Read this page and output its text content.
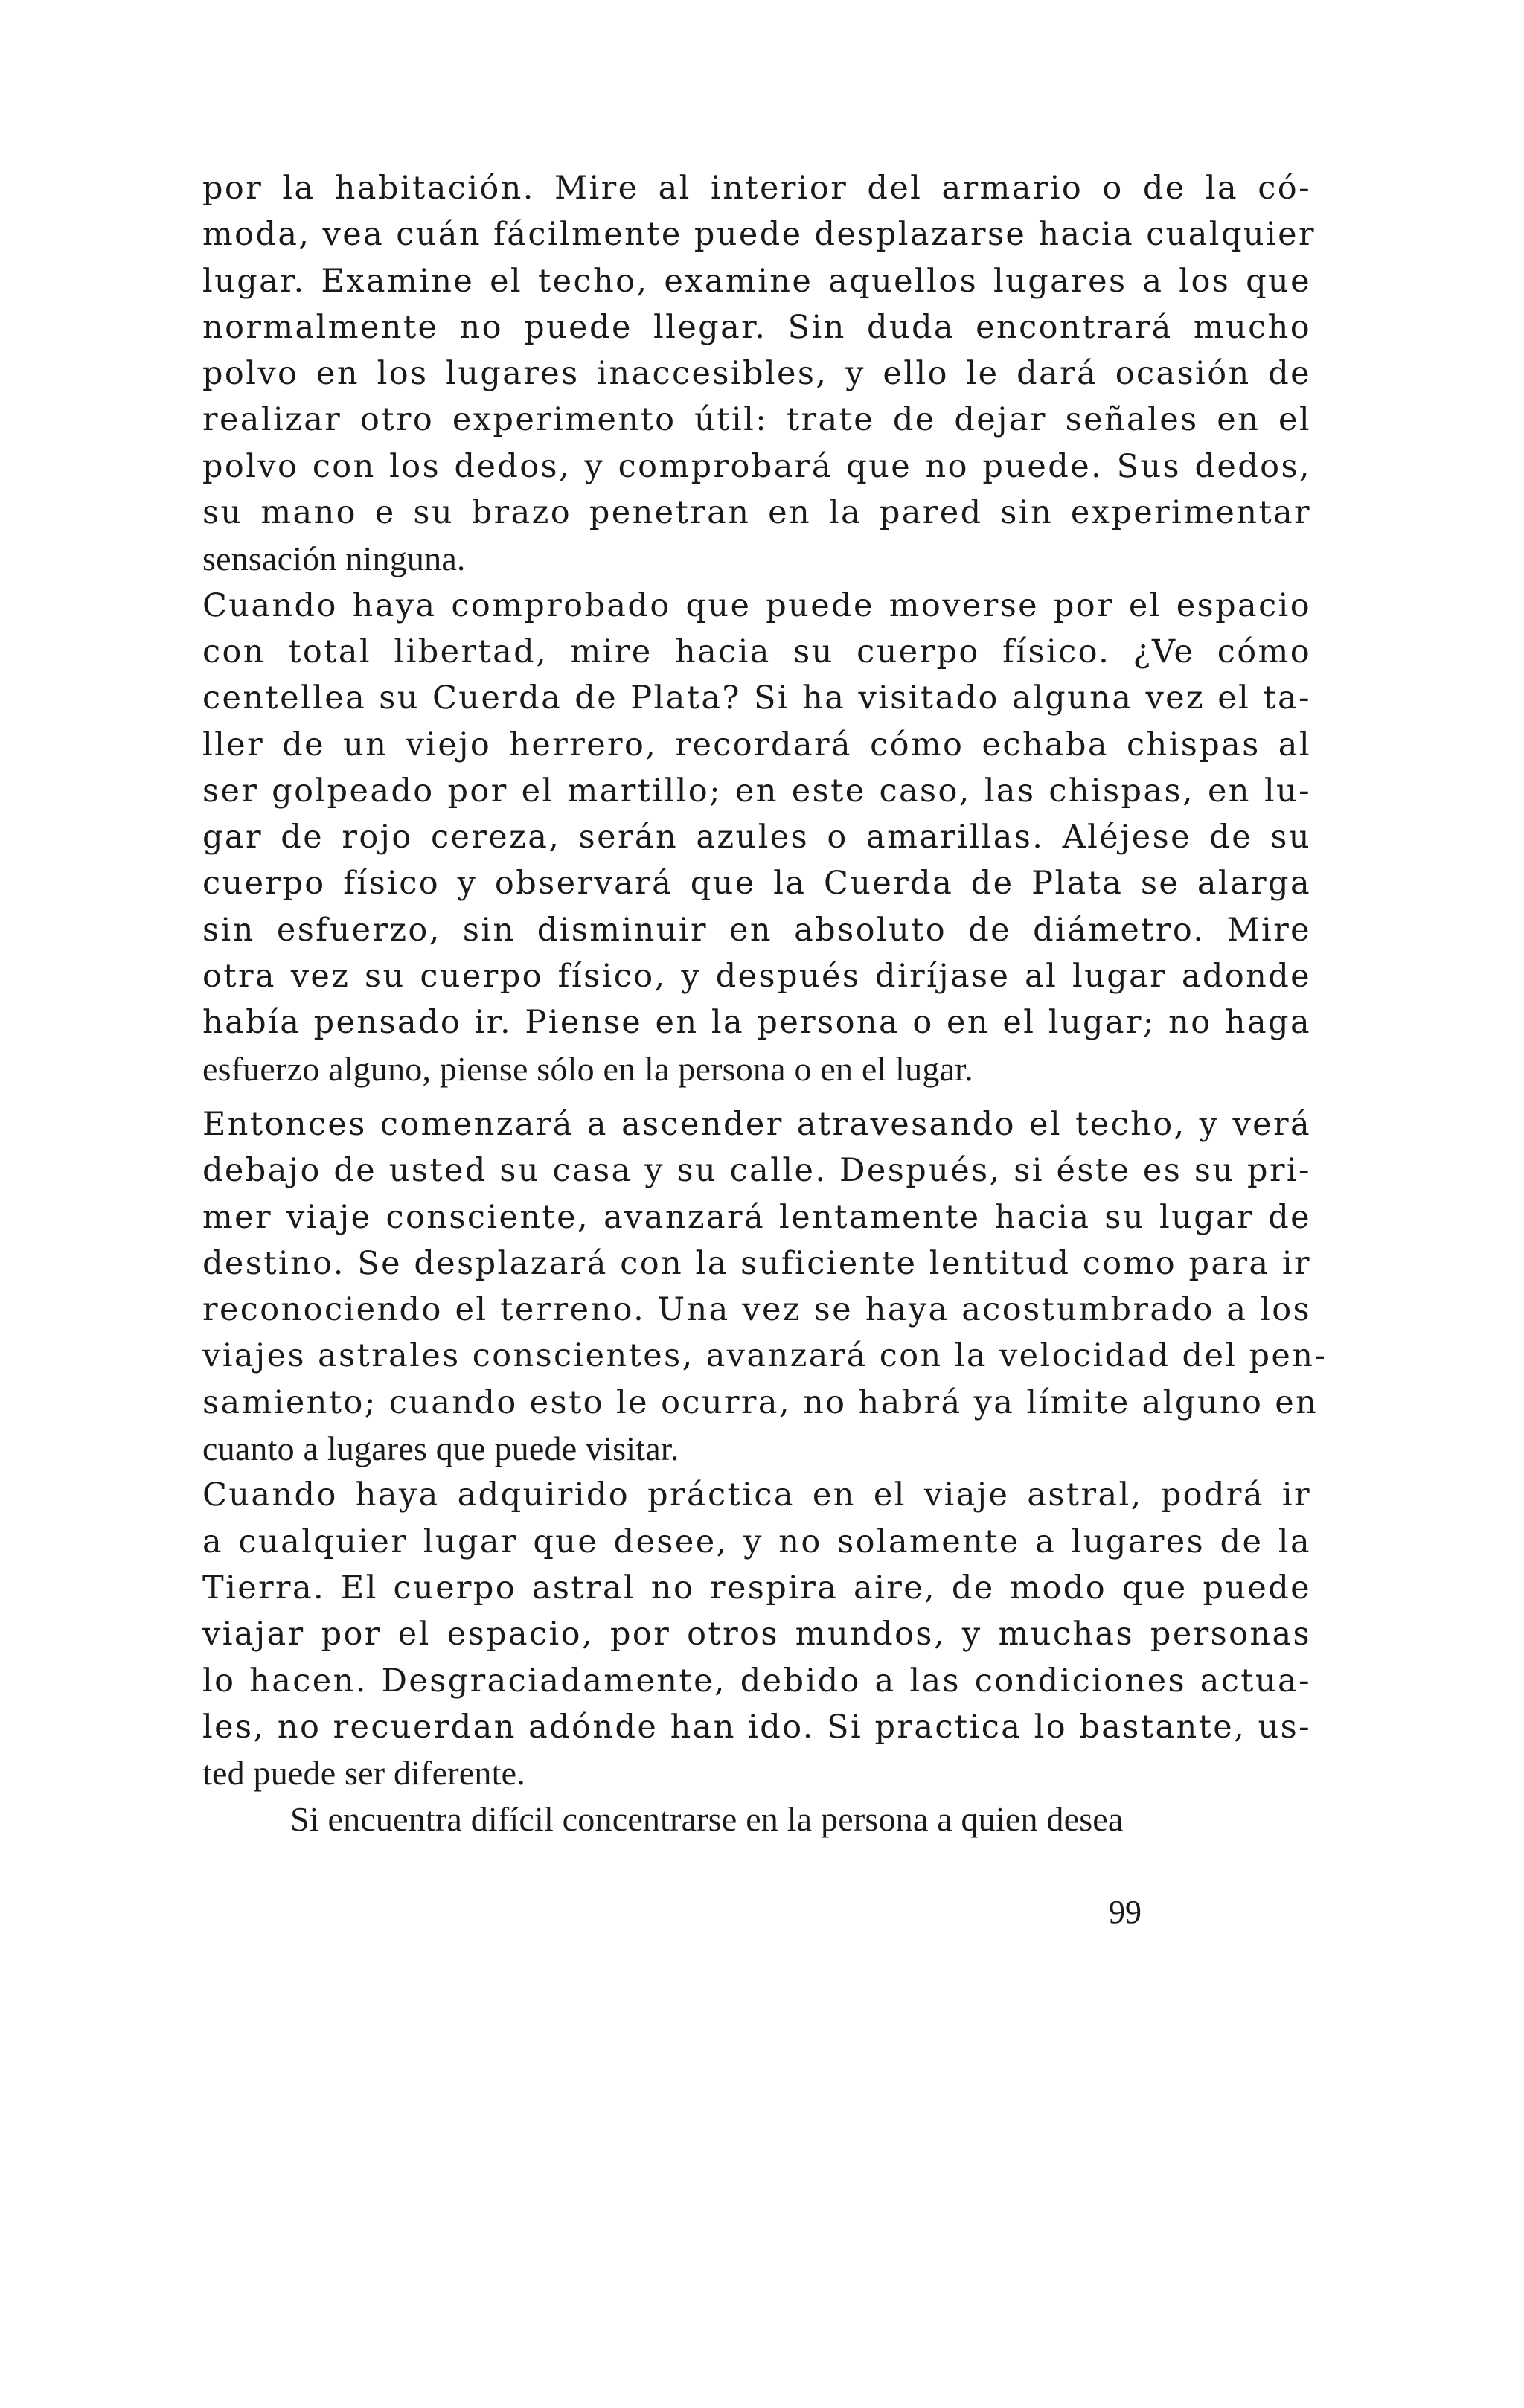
por la habitación. Mire al interior del armario o de la có-
moda, vea cuán fácilmente puede desplazarse hacia cualquier
lugar. Examine el techo, examine aquellos lugares a los que
normalmente no puede llegar. Sin duda encontrará mucho
polvo en los lugares inaccesibles, y ello le dará ocasión de
realizar otro experimento útil: trate de dejar señales en el
polvo con los dedos, y comprobará que no puede. Sus dedos,
su mano e su brazo penetran en la pared sin experimentar
sensación ninguna.
Cuando haya comprobado que puede moverse por el espacio
con total libertad, mire hacia su cuerpo físico. ¿Ve cómo
centellea su Cuerda de Plata? Si ha visitado alguna vez el ta-
ller de un viejo herrero, recordará cómo echaba chispas al
ser golpeado por el martillo; en este caso, las chispas, en lu-
gar de rojo cereza, serán azules o amarillas. Aléjese de su
cuerpo físico y observará que la Cuerda de Plata se alarga
sin esfuerzo, sin disminuir en absoluto de diámetro. Mire
otra vez su cuerpo físico, y después diríjase al lugar adonde
había pensado ir. Piense en la persona o en el lugar; no haga
esfuerzo alguno, piense sólo en la persona o en el lugar.
Entonces comenzará a ascender atravesando el techo, y verá
debajo de usted su casa y su calle. Después, si éste es su pri-
mer viaje consciente, avanzará lentamente hacia su lugar de
destino. Se desplazará con la suficiente lentitud como para ir
reconociendo el terreno. Una vez se haya acostumbrado a los
viajes astrales conscientes, avanzará con la velocidad del pen-
samiento; cuando esto le ocurra, no habrá ya límite alguno en
cuanto a lugares que puede visitar.
Cuando haya adquirido práctica en el viaje astral, podrá ir
a cualquier lugar que desee, y no solamente a lugares de la
Tierra. El cuerpo astral no respira aire, de modo que puede
viajar por el espacio, por otros mundos, y muchas personas
lo hacen. Desgraciadamente, debido a las condiciones actua-
les, no recuerdan adónde han ido. Si practica lo bastante, us-
ted puede ser diferente.
Si encuentra difícil concentrarse en la persona a quien desea
99
